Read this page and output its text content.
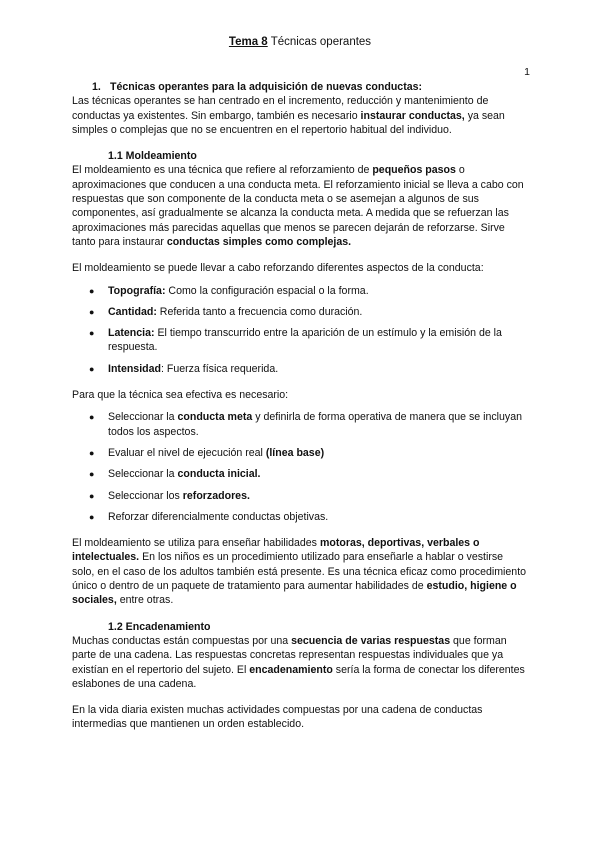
Tema 8 Técnicas operantes
1

1. Técnicas operantes para la adquisición de nuevas conductas:

Las técnicas operantes se han centrado en el incremento, reducción y mantenimiento de conductas ya existentes. Sin embargo, también es necesario instaurar conductas, ya sean simples o complejas que no se encuentren en el repertorio habitual del individuo.

1.1 Moldeamiento

El moldeamiento es una técnica que refiere al reforzamiento de pequeños pasos o aproximaciones que conducen a una conducta meta. El reforzamiento inicial se lleva a cabo con respuestas que son componente de la conducta meta o se asemejan a algunos de sus componentes, así gradualmente se alcanza la conducta meta. A medida que se refuerzan las aproximaciones más parecidas aquellas que menos se parecen dejarán de reforzarse. Sirve tanto para instaurar conductas simples como complejas.

El moldeamiento se puede llevar a cabo reforzando diferentes aspectos de la conducta:

● Topografía: Como la configuración espacial o la forma.
● Cantidad: Referida tanto a frecuencia como duración.
● Latencia: El tiempo transcurrido entre la aparición de un estímulo y la emisión de la respuesta.
● Intensidad: Fuerza física requerida.

Para que la técnica sea efectiva es necesario:

● Seleccionar la conducta meta y definirla de forma operativa de manera que se incluyan todos los aspectos.
● Evaluar el nivel de ejecución real (línea base)
● Seleccionar la conducta inicial.
● Seleccionar los reforzadores.
● Reforzar diferencialmente conductas objetivas.

El moldeamiento se utiliza para enseñar habilidades motoras, deportivas, verbales o intelectuales. En los niños es un procedimiento utilizado para enseñarle a hablar o vestirse solo, en el caso de los adultos también está presente. Es una técnica eficaz como procedimiento único o dentro de un paquete de tratamiento para aumentar habilidades de estudio, higiene o sociales, entre otras.

1.2 Encadenamiento

Muchas conductas están compuestas por una secuencia de varias respuestas que forman parte de una cadena. Las respuestas concretas representan respuestas individuales que ya existían en el repertorio del sujeto. El encadenamiento sería la forma de conectar los diferentes eslabones de una cadena.

En la vida diaria existen muchas actividades compuestas por una cadena de conductas intermedias que mantienen un orden establecido.
